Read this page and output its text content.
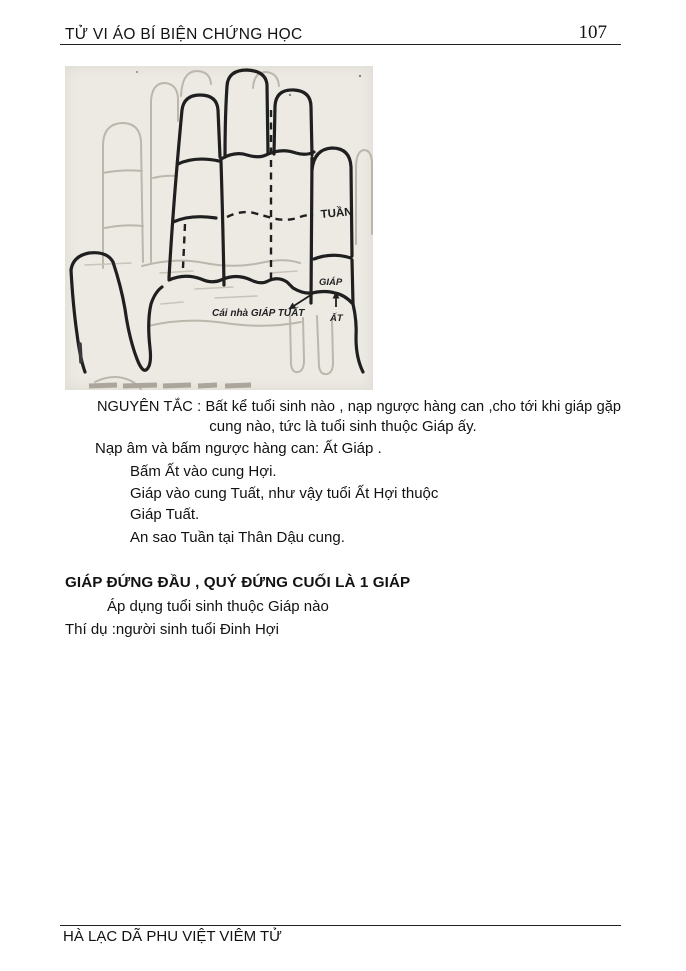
TỬ VI ÁO BÍ BIỆN CHỨNG HỌC	107
TUẦN
GIÁP
ẤT
Cái nhà GIÁP TUẤT
NGUYÊN TẮC : Bất kể tuổi sinh nào , nạp ngược hàng can ,cho tới khi giáp gặp
cung nào, tức là tuổi sinh thuộc Giáp ấy.
Nạp âm và bấm ngược hàng can: Ất Giáp .
Bấm Ất vào cung Hợi.
Giáp vào cung Tuất, như vậy tuổi Ất Hợi thuộc
Giáp Tuất.
An sao Tuần tại Thân Dậu cung.
GIÁP ĐỨNG ĐẦU , QUÝ ĐỨNG CUỐI LÀ 1 GIÁP
Áp dụng tuổi sinh thuộc Giáp nào
Thí dụ :người sinh tuổi Đinh Hợi
HÀ LẠC DÃ PHU VIỆT VIÊM TỬ
